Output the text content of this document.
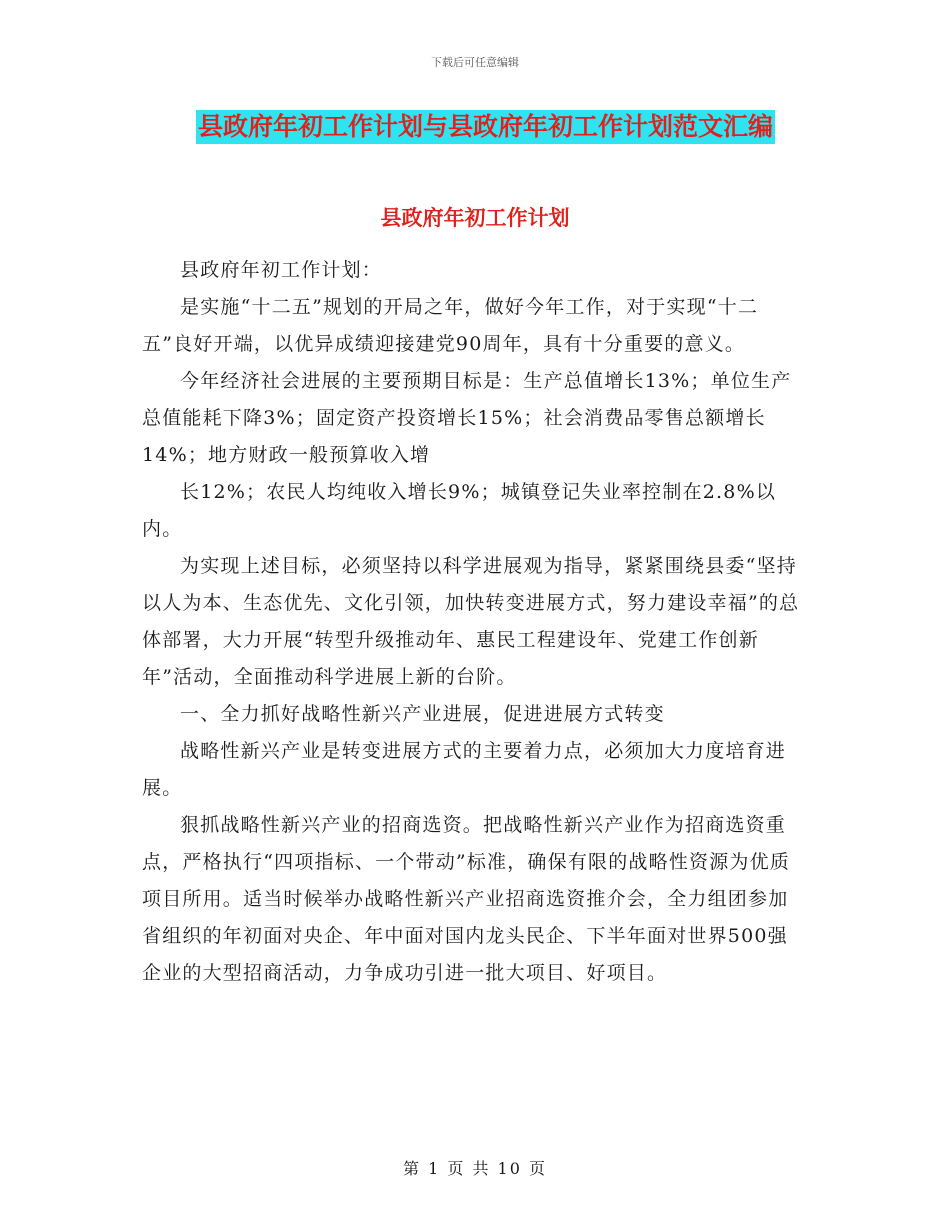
下载后可任意编辑
县政府年初工作计划与县政府年初工作计划范文汇编
县政府年初工作计划

县政府年初工作计划：

是实施“十二五”规划的开局之年，做好今年工作，对于实现“十二五”良好开端，以优异成绩迎接建党90周年，具有十分重要的意义。

今年经济社会进展的主要预期目标是：生产总值增长13%；单位生产总值能耗下降3%；固定资产投资增长15%；社会消费品零售总额增长14%；地方财政一般预算收入增

长12%；农民人均纯收入增长9%；城镇登记失业率控制在2.8%以内。

为实现上述目标，必须坚持以科学进展观为指导，紧紧围绕县委“坚持以人为本、生态优先、文化引领，加快转变进展方式，努力建设幸福”的总体部署，大力开展“转型升级推动年、惠民工程建设年、党建工作创新年”活动，全面推动科学进展上新的台阶。

一、全力抓好战略性新兴产业进展，促进进展方式转变

战略性新兴产业是转变进展方式的主要着力点，必须加大力度培育进展。

狠抓战略性新兴产业的招商选资。把战略性新兴产业作为招商选资重点，严格执行“四项指标、一个带动”标准，确保有限的战略性资源为优质项目所用。适当时候举办战略性新兴产业招商选资推介会，全力组团参加省组织的年初面对央企、年中面对国内龙头民企、下半年面对世界500强企业的大型招商活动，力争成功引进一批大项目、好项目。

第 1 页 共 10 页
